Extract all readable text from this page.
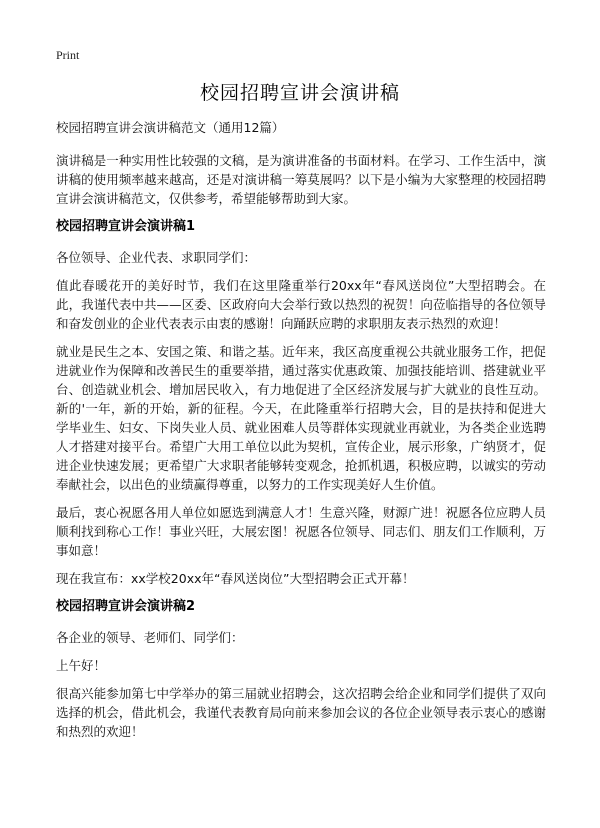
Print
校园招聘宣讲会演讲稿

校园招聘宣讲会演讲稿范文（通用12篇）

演讲稿是一种实用性比较强的文稿，是为演讲准备的书面材料。在学习、工作生活中，演讲稿的使用频率越来越高，还是对演讲稿一筹莫展吗？以下是小编为大家整理的校园招聘宣讲会演讲稿范文，仅供参考，希望能够帮助到大家。

校园招聘宣讲会演讲稿1

各位领导、企业代表、求职同学们：

值此春暖花开的美好时节，我们在这里隆重举行20xx年“春风送岗位”大型招聘会。在此，我谨代表中共——区委、区政府向大会举行致以热烈的祝贺！向莅临指导的各位领导和奋发创业的企业代表表示由衷的感谢！向踊跃应聘的求职朋友表示热烈的欢迎！

就业是民生之本、安国之策、和谐之基。近年来，我区高度重视公共就业服务工作，把促进就业作为保障和改善民生的重要举措，通过落实优惠政策、加强技能培训、搭建就业平台、创造就业机会、增加居民收入，有力地促进了全区经济发展与扩大就业的良性互动。新的'一年，新的开始，新的征程。今天，在此隆重举行招聘大会，目的是扶持和促进大学毕业生、妇女、下岗失业人员、就业困难人员等群体实现就业再就业，为各类企业选聘人才搭建对接平台。希望广大用工单位以此为契机，宣传企业，展示形象，广纳贤才，促进企业快速发展；更希望广大求职者能够转变观念，抢抓机遇，积极应聘，以诚实的劳动奉献社会，以出色的业绩赢得尊重，以努力的工作实现美好人生价值。

最后，衷心祝愿各用人单位如愿选到满意人才！生意兴隆，财源广进！祝愿各位应聘人员顺利找到称心工作！事业兴旺，大展宏图！祝愿各位领导、同志们、朋友们工作顺利，万事如意！

现在我宣布：xx学校20xx年“春风送岗位”大型招聘会正式开幕！

校园招聘宣讲会演讲稿2

各企业的领导、老师们、同学们：

上午好！

很高兴能参加第七中学举办的第三届就业招聘会，这次招聘会给企业和同学们提供了双向选择的机会，借此机会，我谨代表教育局向前来参加会议的各位企业领导表示衷心的感谢和热烈的欢迎！
